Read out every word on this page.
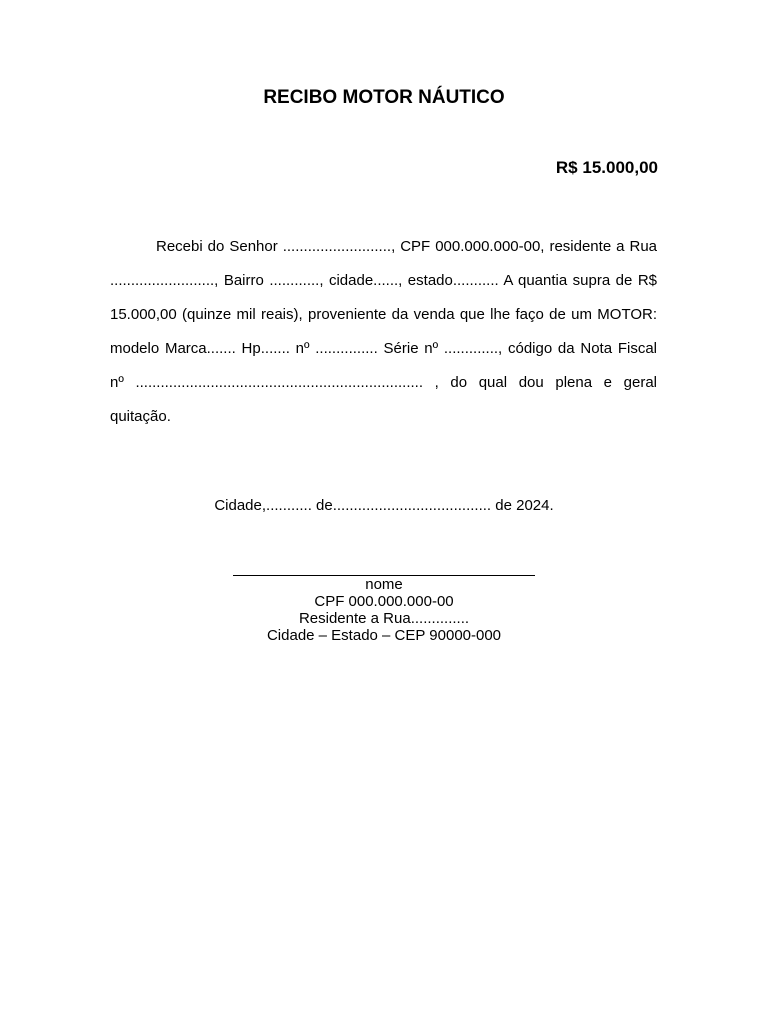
RECIBO MOTOR NÁUTICO
R$ 15.000,00

Recebi do Senhor .........................., CPF 000.000.000-00, residente a Rua ........................., Bairro ............, cidade......, estado........... A quantia supra de R$ 15.000,00 (quinze mil reais), proveniente da venda que lhe faço de um MOTOR: modelo Marca....... Hp....... nº ............... Série nº ............., código da Nota Fiscal nº ..................................................................... , do qual dou plena e geral quitação.

Cidade,........... de...................................... de 2024.
nome
CPF 000.000.000-00
Residente a Rua..............
Cidade – Estado – CEP 90000-000
